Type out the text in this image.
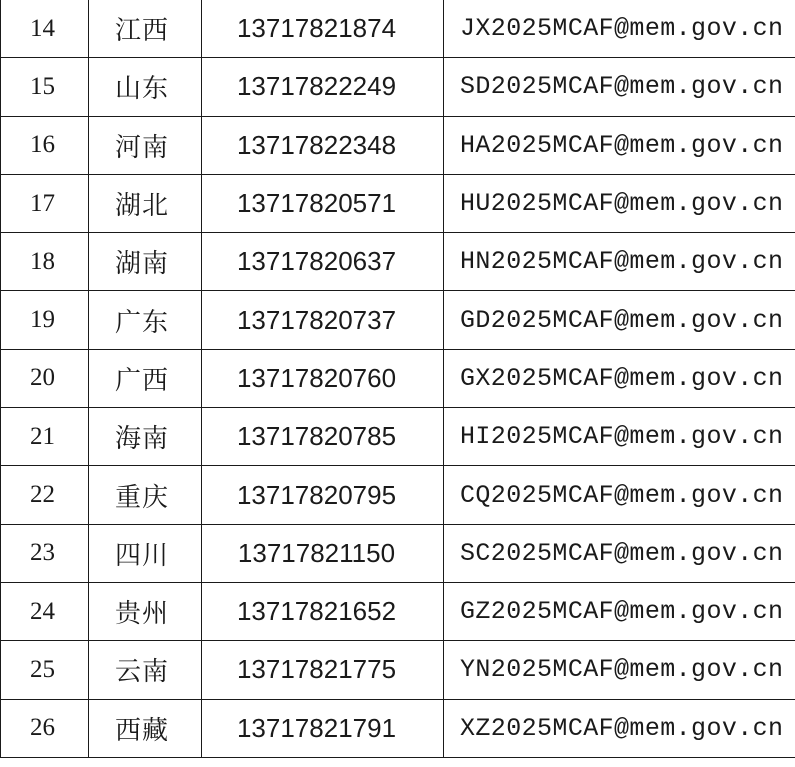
14	江西	13717821874	JX2025MCAF@mem.gov.cn
15	山东	13717822249	SD2025MCAF@mem.gov.cn
16	河南	13717822348	HA2025MCAF@mem.gov.cn
17	湖北	13717820571	HU2025MCAF@mem.gov.cn
18	湖南	13717820637	HN2025MCAF@mem.gov.cn
19	广东	13717820737	GD2025MCAF@mem.gov.cn
20	广西	13717820760	GX2025MCAF@mem.gov.cn
21	海南	13717820785	HI2025MCAF@mem.gov.cn
22	重庆	13717820795	CQ2025MCAF@mem.gov.cn
23	四川	13717821150	SC2025MCAF@mem.gov.cn
24	贵州	13717821652	GZ2025MCAF@mem.gov.cn
25	云南	13717821775	YN2025MCAF@mem.gov.cn
26	西藏	13717821791	XZ2025MCAF@mem.gov.cn
